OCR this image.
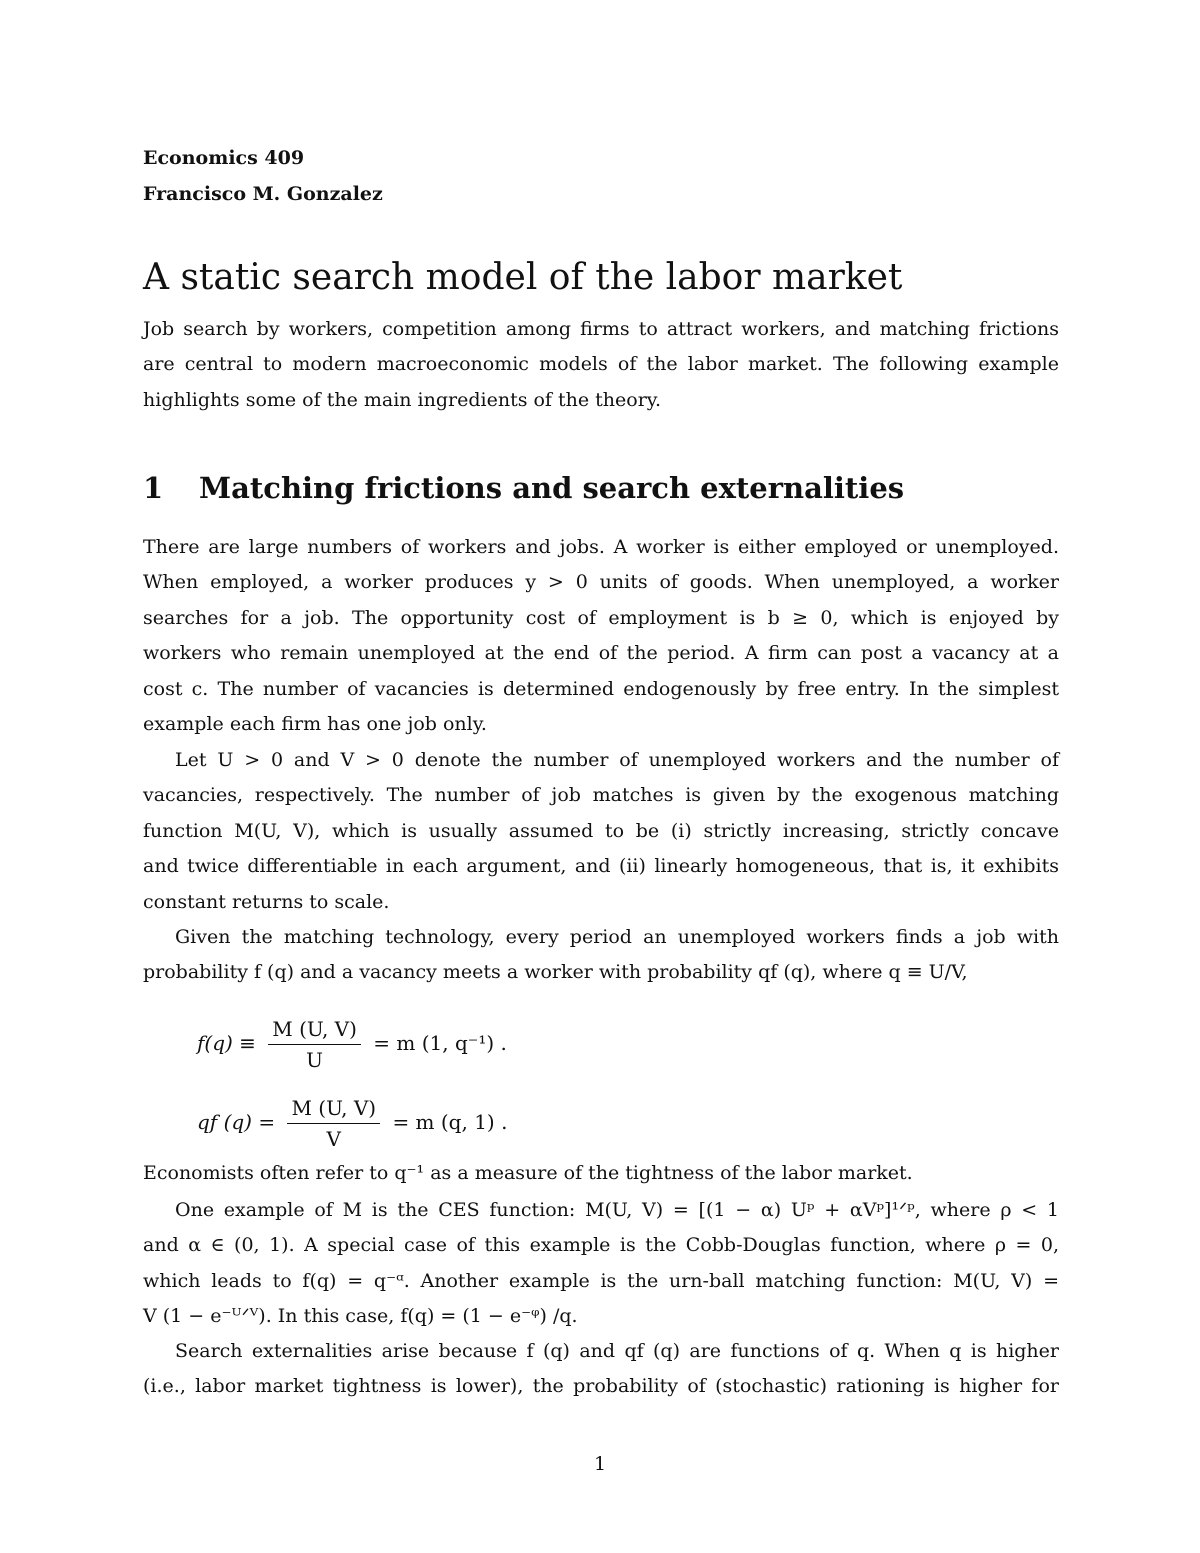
Economics 409
Francisco M. Gonzalez
A static search model of the labor market
Job search by workers, competition among firms to attract workers, and matching frictions
are central to modern macroeconomic models of the labor market. The following example
highlights some of the main ingredients of the theory.
1 Matching frictions and search externalities
There are large numbers of workers and jobs. A worker is either employed or unemployed.
When employed, a worker produces y > 0 units of goods. When unemployed, a worker
searches for a job. The opportunity cost of employment is b ≥ 0, which is enjoyed by
workers who remain unemployed at the end of the period. A firm can post a vacancy at a
cost c. The number of vacancies is determined endogenously by free entry. In the simplest
example each firm has one job only.
Let U > 0 and V > 0 denote the number of unemployed workers and the number of
vacancies, respectively. The number of job matches is given by the exogenous matching
function M(U, V), which is usually assumed to be (i) strictly increasing, strictly concave
and twice differentiable in each argument, and (ii) linearly homogeneous, that is, it exhibits
constant returns to scale.
Given the matching technology, every period an unemployed workers finds a job with
probability f (q) and a vacancy meets a worker with probability qf (q), where q ≡ U/V,
$f(q) \equiv \frac{M (U, V)}{U} = m$ (1, q⁻¹) .
qf $(q) = \frac{M (U, V)}{V} = m$ (q, 1) .
Economists often refer to q⁻¹ as a measure of the tightness of the labor market.
One example of M is the CES function: M(U, V) = [(1 − α) Uᵖ + αVᵖ]¹ᐟᵖ, where ρ < 1
and α ∈ (0, 1). A special case of this example is the Cobb-Douglas function, where ρ = 0,
which leads to f(q) = q⁻ᵅ. Another example is the urn-ball matching function: M(U, V) =
V (1 − e⁻ᵁᐟⱽ). In this case, f(q) = (1 − e⁻ᵠ) /q.
Search externalities arise because f (q) and qf (q) are functions of q. When q is higher
(i.e., labor market tightness is lower), the probability of (stochastic) rationing is higher for
1
